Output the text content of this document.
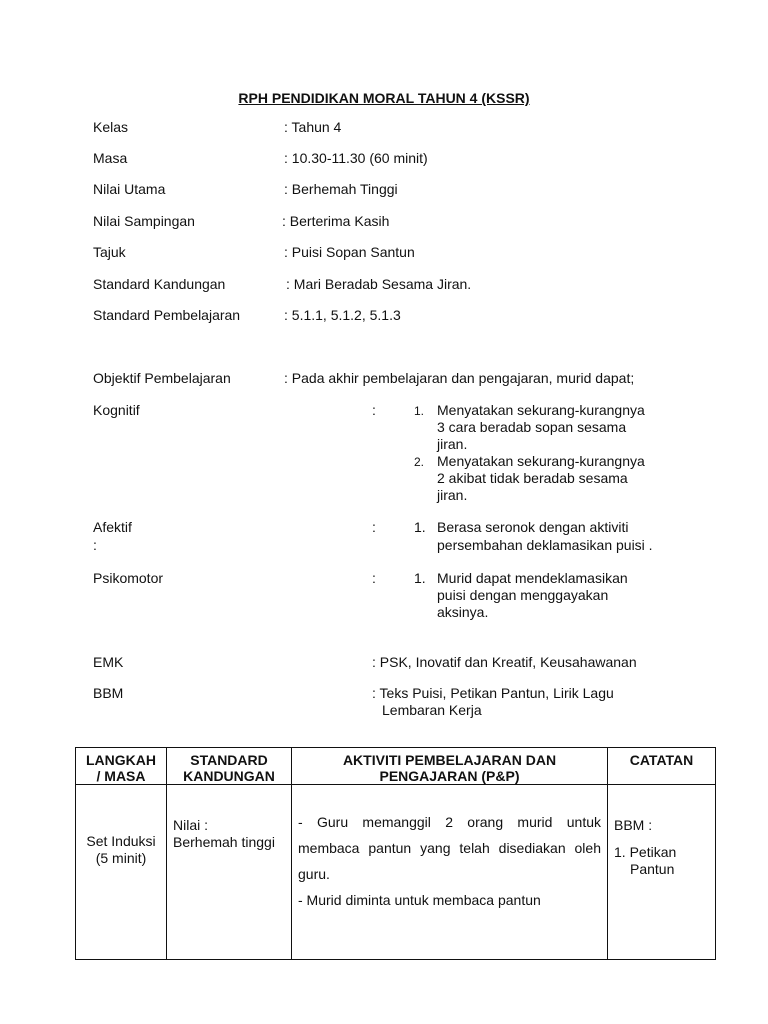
RPH PENDIDIKAN MORAL TAHUN 4 (KSSR)
Kelas	: Tahun 4
Masa	: 10.30-11.30 (60 minit)
Nilai Utama	: Berhemah Tinggi
Nilai Sampingan	: Berterima Kasih
Tajuk	: Puisi Sopan Santun
Standard Kandungan	: Mari Beradab Sesama Jiran.
Standard Pembelajaran	: 5.1.1, 5.1.2, 5.1.3
Objektif Pembelajaran	: Pada akhir pembelajaran dan pengajaran, murid dapat;
Kognitif	:	1. Menyatakan sekurang-kurangnya
3 cara beradab sopan sesama
jiran.
2. Menyatakan sekurang-kurangnya
2 akibat tidak beradab sesama
jiran.
Afektif
:
:	1. Berasa seronok dengan aktiviti
persembahan deklamasikan puisi .
Psikomotor	:	1. Murid dapat mendeklamasikan
puisi dengan menggayakan
aksinya.
EMK	: PSK, Inovatif dan Kreatif, Keusahawanan
BBM	: Teks Puisi, Petikan Pantun, Lirik Lagu
Lembaran Kerja
LANGKAH
/ MASA	STANDARD
KANDUNGAN	AKTIVITI PEMBELAJARAN DAN
PENGAJARAN (P&P)	CATATAN
Set Induksi
(5 minit)	Nilai :
Berhemah tinggi	- Guru memanggil 2 orang murid untuk membaca pantun yang telah disediakan oleh guru.
- Murid diminta untuk membaca pantun	BBM :
1. Petikan
Pantun
